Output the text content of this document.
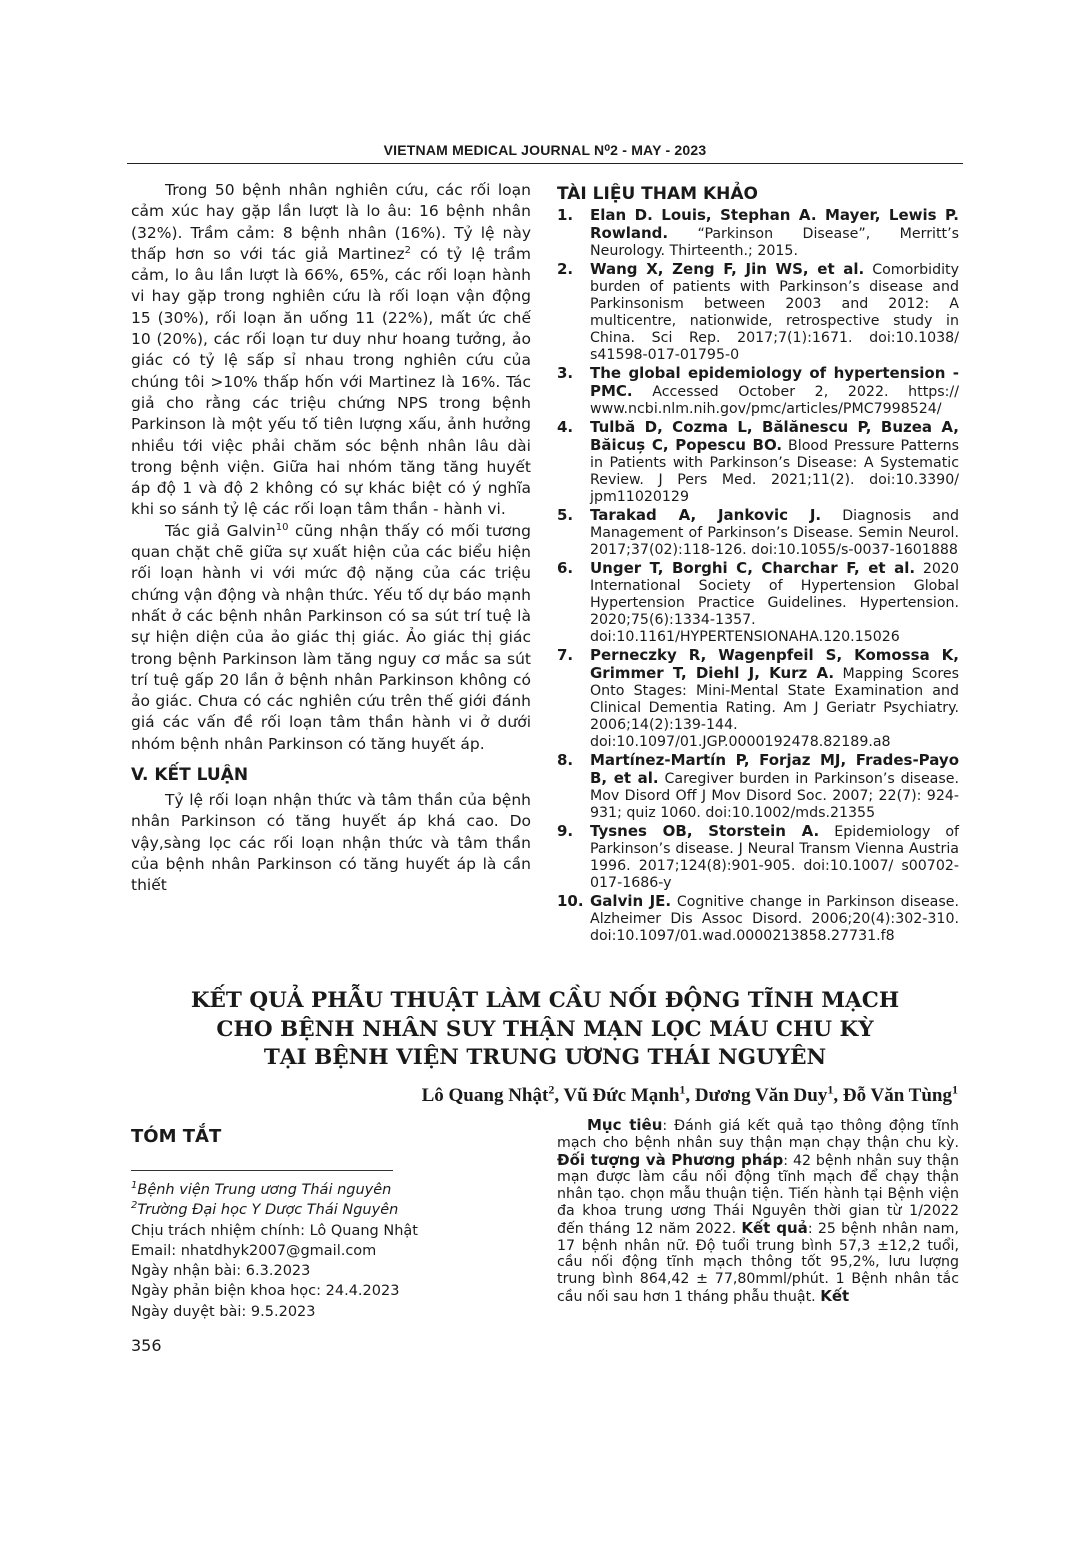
VIETNAM MEDICAL JOURNAL N⁰2 - MAY - 2023

Trong 50 bệnh nhân nghiên cứu, các rối loạn cảm xúc hay gặp lần lượt là lo âu: 16 bệnh nhân (32%). Trầm cảm: 8 bệnh nhân (16%). Tỷ lệ này thấp hơn so với tác giả Martinez$^2$ có tỷ lệ trầm cảm, lo âu lần lượt là 66%, 65%, các rối loạn hành vi hay gặp trong nghiên cứu là rối loạn vận động 15 (30%), rối loạn ăn uống 11 (22%), mất ức chế 10 (20%), các rối loạn tư duy như hoang tưởng, ảo giác có tỷ lệ sấp sỉ nhau trong nghiên cứu của chúng tôi >10% thấp hốn với Martinez là 16%. Tác giả cho rằng các triệu chứng NPS trong bệnh Parkinson là một yếu tố tiên lượng xấu, ảnh hưởng nhiều tới việc phải chăm sóc bệnh nhân lâu dài trong bệnh viện. Giữa hai nhóm tăng tăng huyết áp độ 1 và độ 2 không có sự khác biệt có ý nghĩa khi so sánh tỷ lệ các rối loạn tâm thần - hành vi.

Tác giả Galvin$^{10}$ cũng nhận thấy có mối tương quan chặt chẽ giữa sự xuất hiện của các biểu hiện rối loạn hành vi với mức độ nặng của các triệu chứng vận động và nhận thức. Yếu tố dự báo mạnh nhất ở các bệnh nhân Parkinson có sa sút trí tuệ là sự hiện diện của ảo giác thị giác. Ảo giác thị giác trong bệnh Parkinson làm tăng nguy cơ mắc sa sút trí tuệ gấp 20 lần ở bệnh nhân Parkinson không có ảo giác. Chưa có các nghiên cứu trên thế giới đánh giá các vấn đề rối loạn tâm thần hành vi ở dưới nhóm bệnh nhân Parkinson có tăng huyết áp.

V. KẾT LUẬN

Tỷ lệ rối loạn nhận thức và tâm thần của bệnh nhân Parkinson có tăng huyết áp khá cao. Do vậy,sàng lọc các rối loạn nhận thức và tâm thần của bệnh nhân Parkinson có tăng huyết áp là cần thiết

TÀI LIỆU THAM KHẢO
1. Elan D. Louis, Stephan A. Mayer, Lewis P. Rowland. “Parkinson Disease”, Merritt’s Neurology. Thirteenth.; 2015.
2. Wang X, Zeng F, Jin WS, et al. Comorbidity burden of patients with Parkinson’s disease and Parkinsonism between 2003 and 2012: A multicentre, nationwide, retrospective study in China. Sci Rep. 2017;7(1):1671. doi:10.1038/ s41598-017-01795-0
3. The global epidemiology of hypertension - PMC. Accessed October 2, 2022. https:// www.ncbi.nlm.nih.gov/pmc/articles/PMC7998524/
4. Tulbă D, Cozma L, Bălănescu P, Buzea A, Băicuș C, Popescu BO. Blood Pressure Patterns in Patients with Parkinson’s Disease: A Systematic Review. J Pers Med. 2021;11(2). doi:10.3390/ jpm11020129
5. Tarakad A, Jankovic J. Diagnosis and Management of Parkinson’s Disease. Semin Neurol. 2017;37(02):118-126. doi:10.1055/s-0037-1601888
6. Unger T, Borghi C, Charchar F, et al. 2020 International Society of Hypertension Global Hypertension Practice Guidelines. Hypertension. 2020;75(6):1334-1357. doi:10.1161/HYPERTENSIONAHA.120.15026
7. Perneczky R, Wagenpfeil S, Komossa K, Grimmer T, Diehl J, Kurz A. Mapping Scores Onto Stages: Mini-Mental State Examination and Clinical Dementia Rating. Am J Geriatr Psychiatry. 2006;14(2):139-144. doi:10.1097/01.JGP.0000192478.82189.a8
8. Martínez-Martín P, Forjaz MJ, Frades-Payo B, et al. Caregiver burden in Parkinson’s disease. Mov Disord Off J Mov Disord Soc. 2007; 22(7): 924-931; quiz 1060. doi:10.1002/mds.21355
9. Tysnes OB, Storstein A. Epidemiology of Parkinson’s disease. J Neural Transm Vienna Austria 1996. 2017;124(8):901-905. doi:10.1007/ s00702-017-1686-y
10. Galvin JE. Cognitive change in Parkinson disease. Alzheimer Dis Assoc Disord. 2006;20(4):302-310. doi:10.1097/01.wad.0000213858.27731.f8
KẾT QUẢ PHẪU THUẬT LÀM CẦU NỐI ĐỘNG TĨNH MẠCH
CHO BỆNH NHÂN SUY THẬN MẠN LỌC MÁU CHU KỲ
TẠI BỆNH VIỆN TRUNG ƯƠNG THÁI NGUYÊN
Lô Quang Nhật$^2$, Vũ Đức Mạnh$^1$, Dương Văn Duy$^1$, Đỗ Văn Tùng$^1$
TÓM TẮT

$^1$Bệnh viện Trung ương Thái nguyên

$^2$Trường Đại học Y Dược Thái Nguyên

Chịu trách nhiệm chính: Lô Quang Nhật

Email: nhatdhyk2007@gmail.com

Ngày nhận bài: 6.3.2023

Ngày phản biện khoa học: 24.4.2023

Ngày duyệt bài: 9.5.2023

Mục tiêu: Đánh giá kết quả tạo thông động tĩnh mạch cho bệnh nhân suy thận mạn chạy thận chu kỳ. Đối tượng và Phương pháp: 42 bệnh nhân suy thận mạn được làm cầu nối động tĩnh mạch để chạy thận nhân tạo. chọn mẫu thuận tiện. Tiến hành tại Bệnh viện đa khoa trung ương Thái Nguyên thời gian từ 1/2022 đến tháng 12 năm 2022. Kết quả: 25 bệnh nhân nam, 17 bệnh nhân nữ. Độ tuổi trung bình 57,3 ±12,2 tuổi, cầu nối động tĩnh mạch thông tốt 95,2%, lưu lượng trung bình 864,42 ± 77,80mml/phút. 1 Bệnh nhân tắc cầu nối sau hơn 1 tháng phẫu thuật. Kết

356
